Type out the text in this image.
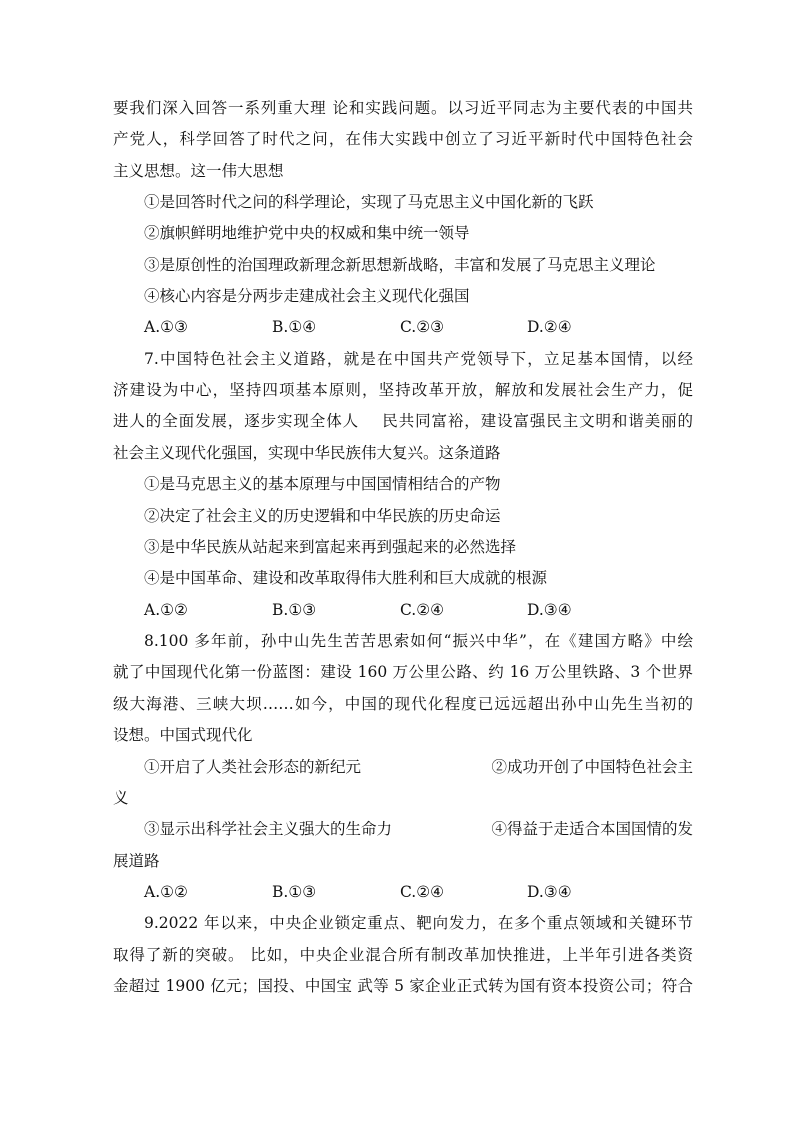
要我们深入回答一系列重大理 论和实践问题。以习近平同志为主要代表的中国共
产党人，科学回答了时代之问，在伟大实践中创立了习近平新时代中国特色社会
主义思想。这一伟大思想
①是回答时代之问的科学理论，实现了马克思主义中国化新的飞跃
②旗帜鲜明地维护党中央的权威和集中统一领导
③是原创性的治国理政新理念新思想新战略，丰富和发展了马克思主义理论
④核心内容是分两步走建成社会主义现代化强国
A.①③	B.①④	C.②③	D.②④
7.中国特色社会主义道路，就是在中国共产党领导下，立足基本国情，以经
济建设为中心，坚持四项基本原则，坚持改革开放，解放和发展社会生产力，促
进人的全面发展，逐步实现全体人    民共同富裕，建设富强民主文明和谐美丽的
社会主义现代化强国，实现中华民族伟大复兴。这条道路
①是马克思主义的基本原理与中国国情相结合的产物
②决定了社会主义的历史逻辑和中华民族的历史命运
③是中华民族从站起来到富起来再到强起来的必然选择
④是中国革命、建设和改革取得伟大胜利和巨大成就的根源
A.①②	B.①③	C.②④	D.③④
8.100 多年前，孙中山先生苦苦思索如何“振兴中华”，在《建国方略》中绘
就了中国现代化第一份蓝图：建设 160 万公里公路、约 16 万公里铁路、3 个世界
级大海港、三峡大坝……如今，中国的现代化程度已远远超出孙中山先生当初的
设想。中国式现代化
①开启了人类社会形态的新纪元	②成功开创了中国特色社会主
义
③显示出科学社会主义强大的生命力	④得益于走适合本国国情的发
展道路
A.①②	B.①③	C.②④	D.③④
9.2022 年以来，中央企业锁定重点、靶向发力，在多个重点领域和关键环节
取得了新的突破。 比如，中央企业混合所有制改革加快推进，上半年引进各类资
金超过 1900 亿元；国投、中国宝 武等 5 家企业正式转为国有资本投资公司；符合
